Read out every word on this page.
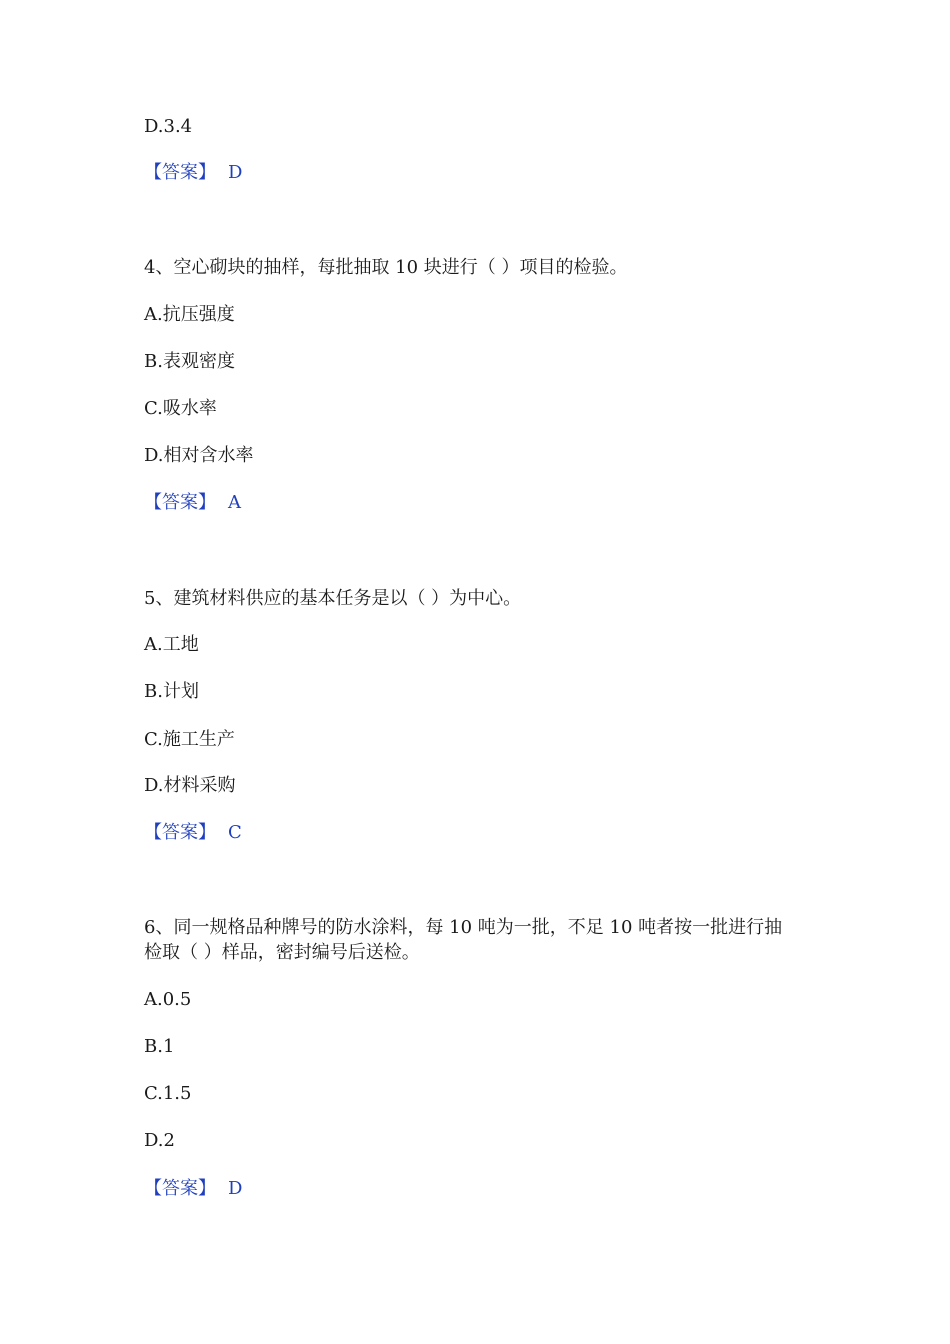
D.3.4
【答案】 D
4、空心砌块的抽样，每批抽取 10 块进行（ ）项目的检验。
A.抗压强度
B.表观密度
C.吸水率
D.相对含水率
【答案】 A
5、建筑材料供应的基本任务是以（ ）为中心。
A.工地
B.计划
C.施工生产
D.材料采购
【答案】 C
6、同一规格品种牌号的防水涂料，每 10 吨为一批，不足 10 吨者按一批进行抽
检取（ ）样品，密封编号后送检。
A.0.5
B.1
C.1.5
D.2
【答案】 D
